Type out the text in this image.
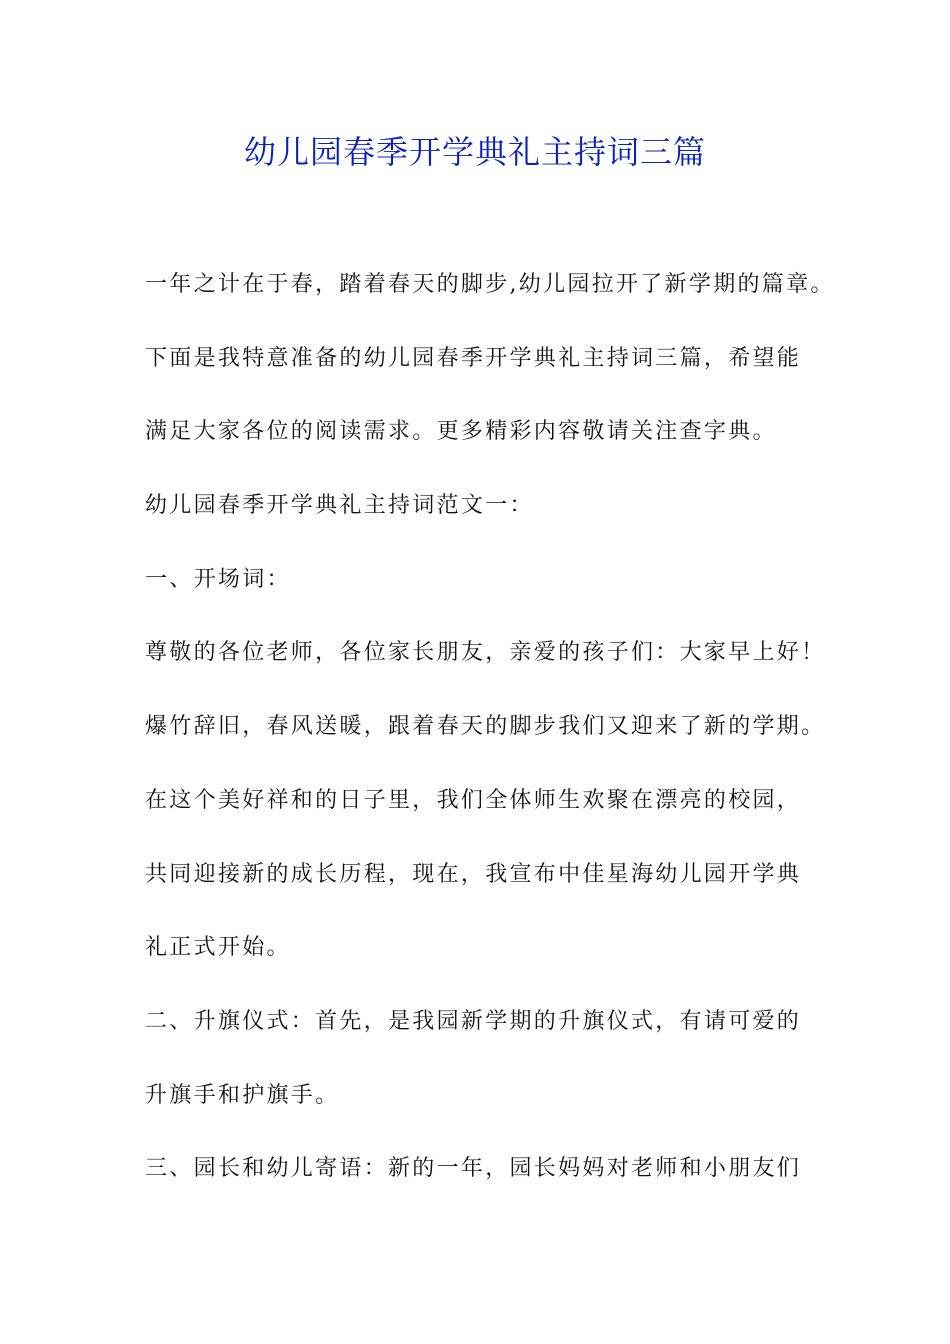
幼儿园春季开学典礼主持词三篇
一年之计在于春，踏着春天的脚步,幼儿园拉开了新学期的篇章。
下面是我特意准备的幼儿园春季开学典礼主持词三篇，希望能
满足大家各位的阅读需求。更多精彩内容敬请关注查字典。
幼儿园春季开学典礼主持词范文一：
一、开场词：
尊敬的各位老师，各位家长朋友，亲爱的孩子们：大家早上好！
爆竹辞旧，春风送暖，跟着春天的脚步我们又迎来了新的学期。
在这个美好祥和的日子里，我们全体师生欢聚在漂亮的校园，
共同迎接新的成长历程，现在，我宣布中佳星海幼儿园开学典
礼正式开始。
二、升旗仪式：首先，是我园新学期的升旗仪式，有请可爱的
升旗手和护旗手。
三、园长和幼儿寄语：新的一年，园长妈妈对老师和小朋友们
